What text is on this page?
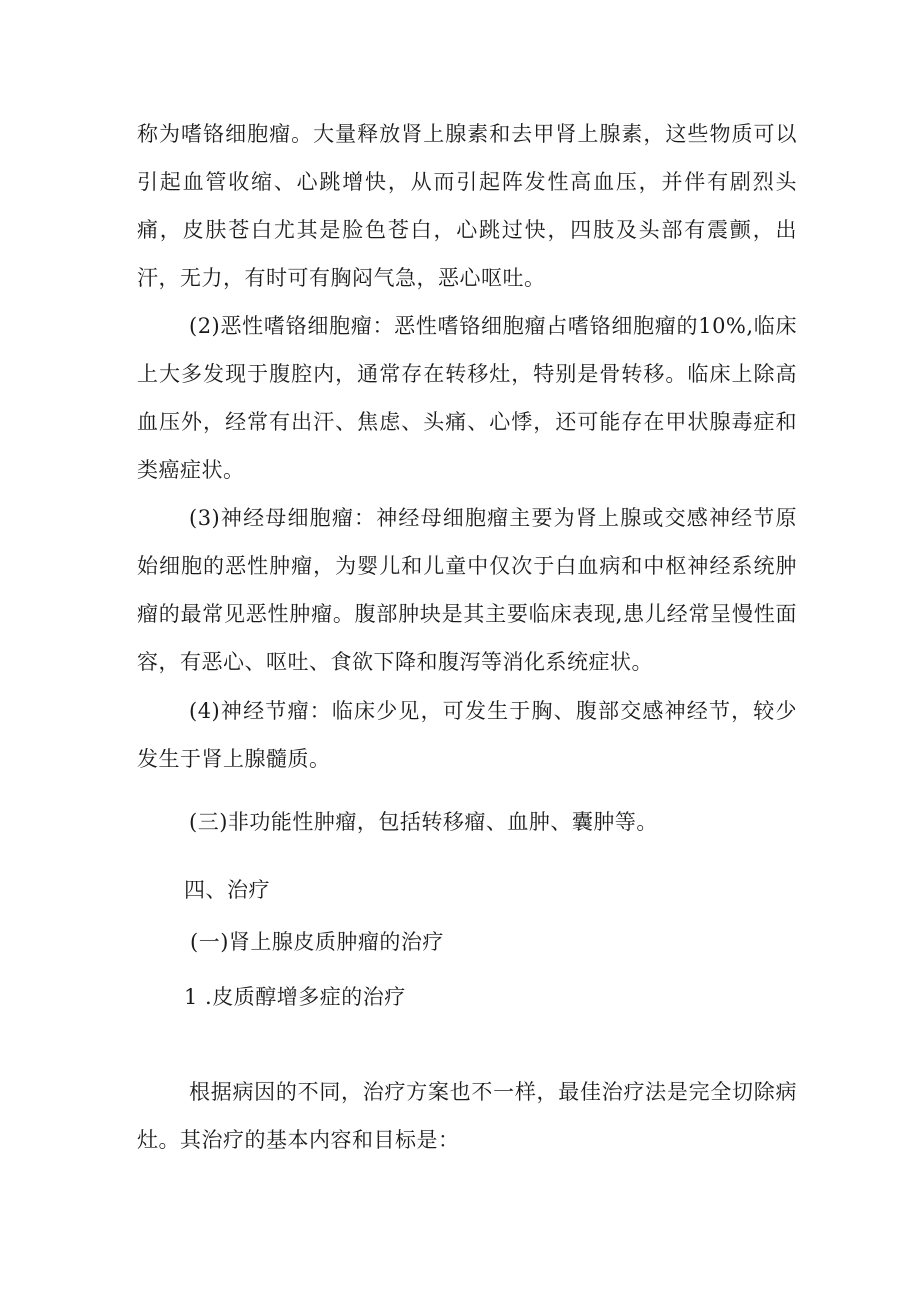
称为嗜铬细胞瘤。大量释放肾上腺素和去甲肾上腺素，这些物质可以引起血管收缩、心跳增快，从而引起阵发性高血压，并伴有剧烈头痛，皮肤苍白尤其是脸色苍白，心跳过快，四肢及头部有震颤，出汗，无力，有时可有胸闷气急，恶心呕吐。

(2)恶性嗜铬细胞瘤：恶性嗜铬细胞瘤占嗜铬细胞瘤的10%,临床上大多发现于腹腔内，通常存在转移灶，特别是骨转移。临床上除高血压外，经常有出汗、焦虑、头痛、心悸，还可能存在甲状腺毒症和类癌症状。

(3)神经母细胞瘤：神经母细胞瘤主要为肾上腺或交感神经节原始细胞的恶性肿瘤，为婴儿和儿童中仅次于白血病和中枢神经系统肿瘤的最常见恶性肿瘤。腹部肿块是其主要临床表现,患儿经常呈慢性面容，有恶心、呕吐、食欲下降和腹泻等消化系统症状。

(4)神经节瘤：临床少见，可发生于胸、腹部交感神经节，较少发生于肾上腺髓质。

(三)非功能性肿瘤，包括转移瘤、血肿、囊肿等。

四、治疗

(一)肾上腺皮质肿瘤的治疗

1 .皮质醇增多症的治疗

根据病因的不同，治疗方案也不一样，最佳治疗法是完全切除病灶。其治疗的基本内容和目标是：
